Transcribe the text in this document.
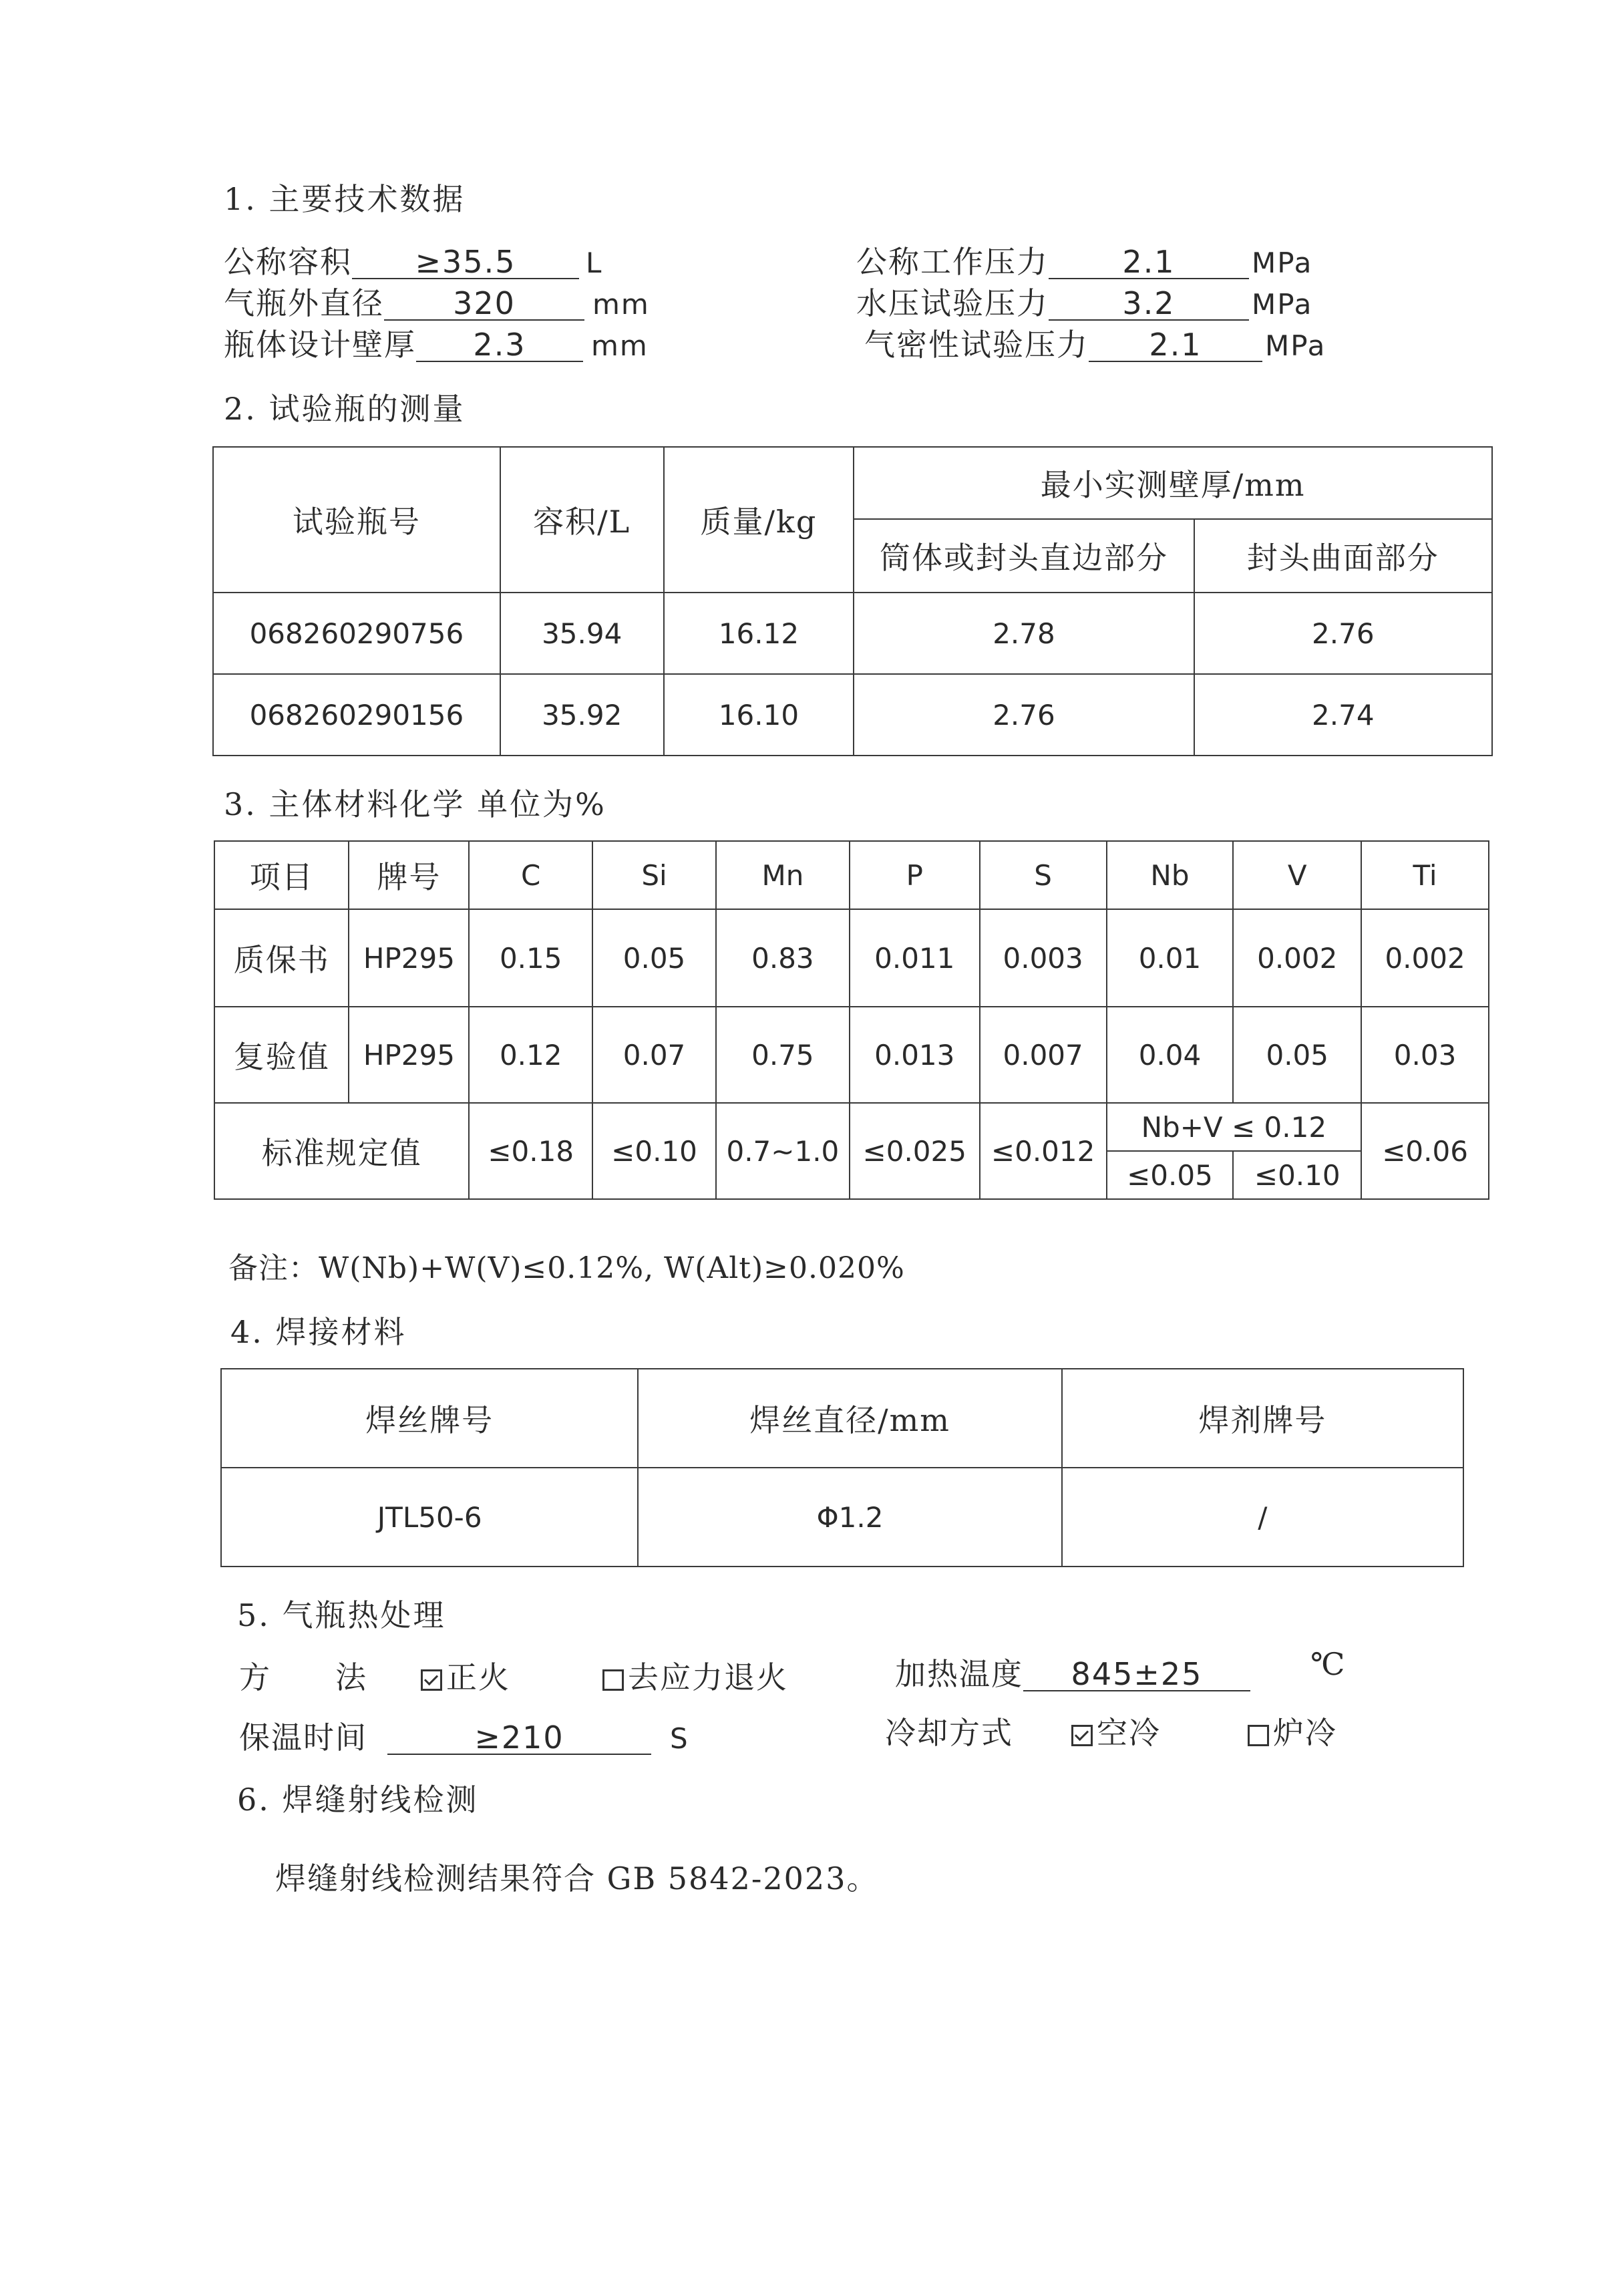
1. 主要技术数据
公称容积 ≥35.5 L
气瓶外直径 320	mm
瓶体设计壁厚 2.3 mm
公称工作压力 2.1	MPa
水压试验压力 3.2	MPa
气密性试验压力 2.1 MPa
2. 试验瓶的测量
试验瓶号	容积/L	质量/kg	最小实测壁厚/mm	
			筒体或封头直边部分	封头曲面部分
068260290756	35.94	16.12	2.78	2.76
068260290156	35.92	16.10	2.76	2.74
3. 主体材料化学 单位为%
项目	牌号	C	Si	Mn	P	S	Nb	V	Ti
质保书	HP295	0.15	0.05	0.83	0.011	0.003	0.01	0.002	0.002
复验值	HP295	0.12	0.07	0.75	0.013	0.007	0.04	0.05	0.03
标准规定值		≤0.18	≤0.10	0.7~1.0	≤0.025	≤0.012	Nb+V ≤ 0.12		≤0.06
							≤0.05	≤0.10	
备注：W(Nb)+W(V)≤0.12%, W(Alt)≥0.020%
4. 焊接材料
焊丝牌号	焊丝直径/mm	焊剂牌号
JTL50-6	Φ1.2	/
5. 气瓶热处理
方　　法	正火	去应力退火	加热温度 845±25	℃
保温时间	≥210	S	冷却方式	空冷	炉冷
6. 焊缝射线检测
焊缝射线检测结果符合 GB 5842-2023。
